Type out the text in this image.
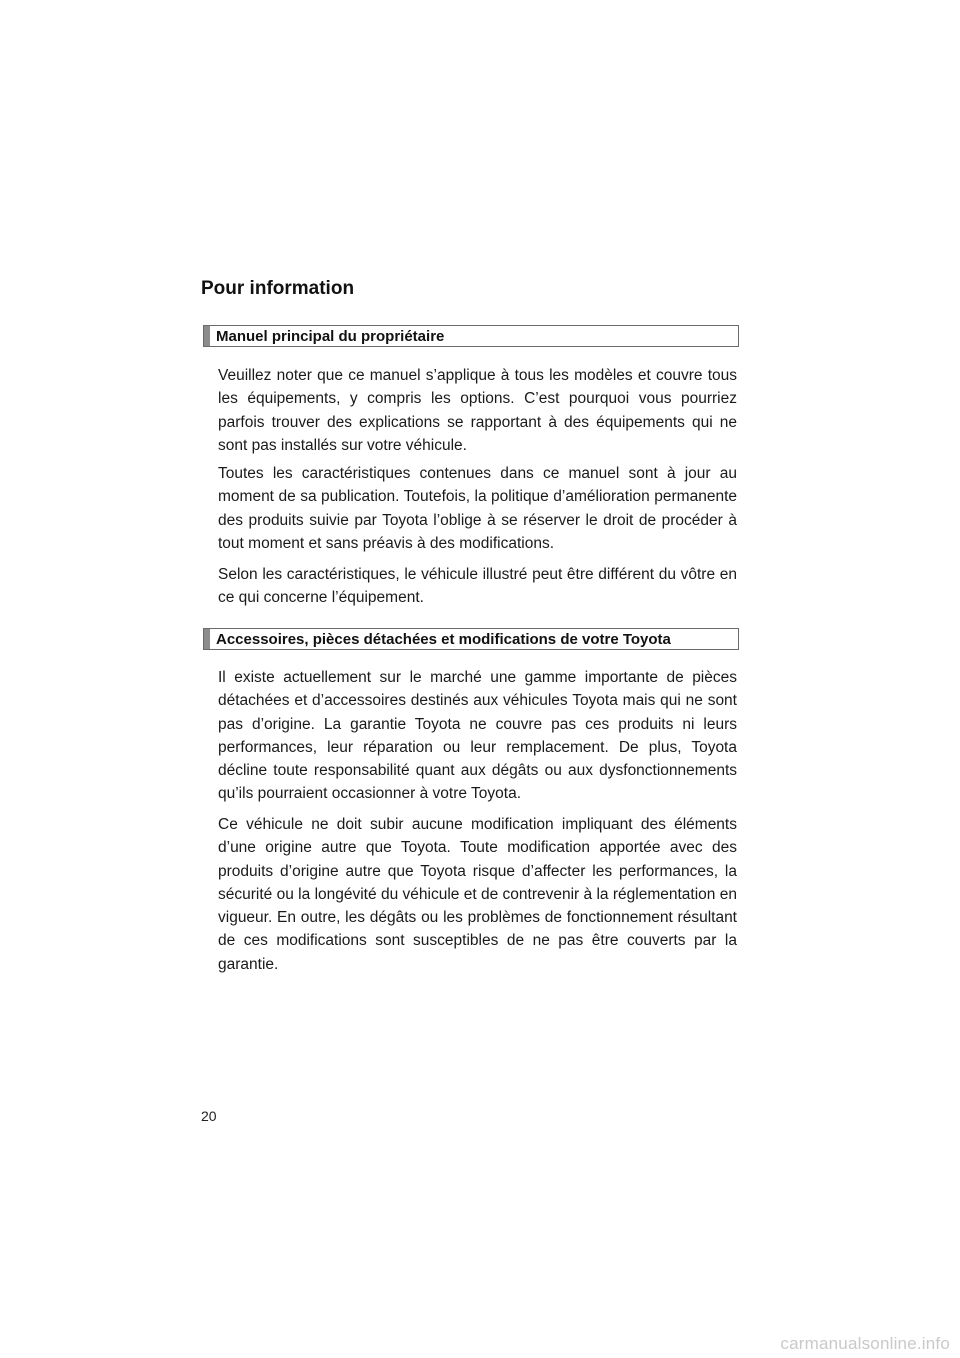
Pour information
Manuel principal du propriétaire

Veuillez noter que ce manuel s’applique à tous les modèles et couvre tous les équipements, y compris les options. C’est pourquoi vous pourriez parfois trouver des explications se rapportant à des équipements qui ne sont pas installés sur votre véhicule.

Toutes les caractéristiques contenues dans ce manuel sont à jour au moment de sa publication. Toutefois, la politique d’amélioration permanente des produits suivie par Toyota l’oblige à se réserver le droit de procéder à tout moment et sans préavis à des modifications.

Selon les caractéristiques, le véhicule illustré peut être différent du vôtre en ce qui concerne l’équipement.

Accessoires, pièces détachées et modifications de votre Toyota

Il existe actuellement sur le marché une gamme importante de pièces détachées et d’accessoires destinés aux véhicules Toyota mais qui ne sont pas d’origine. La garantie Toyota ne couvre pas ces produits ni leurs performances, leur réparation ou leur remplacement. De plus, Toyota décline toute responsabilité quant aux dégâts ou aux dysfonctionnements qu’ils pourraient occasionner à votre Toyota.

Ce véhicule ne doit subir aucune modification impliquant des éléments d’une origine autre que Toyota. Toute modification apportée avec des produits d’origine autre que Toyota risque d’affecter les performances, la sécurité ou la longévité du véhicule et de contrevenir à la réglementation en vigueur. En outre, les dégâts ou les problèmes de fonctionnement résultant de ces modifications sont susceptibles de ne pas être couverts par la garantie.

20
carmanualsonline.info
